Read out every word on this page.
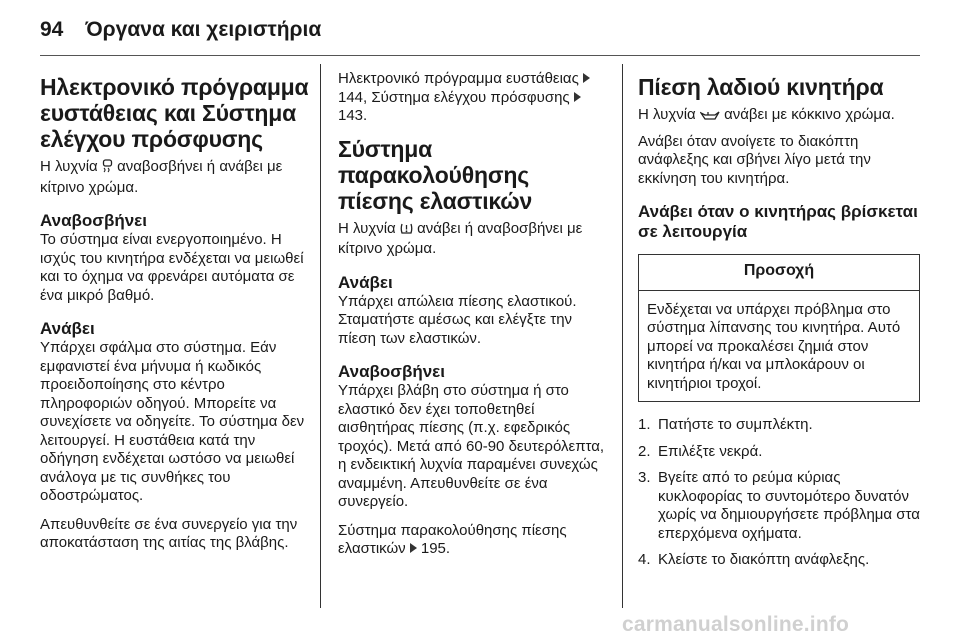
94 Όργανα και χειριστήρια
Ηλεκτρονικό πρόγραμμα ευστάθειας και Σύστημα ελέγχου πρόσφυσης

Η λυχνία αναβοσβήνει ή ανάβει με κίτρινο χρώμα.

Αναβοσβήνει

Το σύστημα είναι ενεργοποιημένο. Η ισχύς του κινητήρα ενδέχεται να μειωθεί και το όχημα να φρενάρει αυτόματα σε ένα μικρό βαθμό.

Ανάβει

Υπάρχει σφάλμα στο σύστημα. Εάν εμφανιστεί ένα μήνυμα ή κωδικός προειδοποίησης στο κέντρο πληροφοριών οδηγού. Μπορείτε να συνεχίσετε να οδηγείτε. Το σύστημα δεν λειτουργεί. Η ευστάθεια κατά την οδήγηση ενδέχεται ωστόσο να μειωθεί ανάλογα με τις συνθήκες του οδοστρώματος.

Απευθυνθείτε σε ένα συνεργείο για την αποκατάσταση της αιτίας της βλάβης.

Ηλεκτρονικό πρόγραμμα ευστάθειας 144, Σύστημα ελέγχου πρόσφυσης 143.

Σύστημα παρακολούθησης πίεσης ελαστικών

Η λυχνία ανάβει ή αναβοσβήνει με κίτρινο χρώμα.

Ανάβει

Υπάρχει απώλεια πίεσης ελαστικού. Σταματήστε αμέσως και ελέγξτε την πίεση των ελαστικών.

Αναβοσβήνει

Υπάρχει βλάβη στο σύστημα ή στο ελαστικό δεν έχει τοποθετηθεί αισθητήρας πίεσης (π.χ. εφεδρικός τροχός). Μετά από 60-90 δευτερόλεπτα, η ενδεικτική λυχνία παραμένει συνεχώς αναμμένη. Απευθυνθείτε σε ένα συνεργείο.

Σύστημα παρακολούθησης πίεσης ελαστικών 195.

Πίεση λαδιού κινητήρα

Η λυχνία ανάβει με κόκκινο χρώμα.

Ανάβει όταν ανοίγετε το διακόπτη ανάφλεξης και σβήνει λίγο μετά την εκκίνηση του κινητήρα.

Ανάβει όταν ο κινητήρας βρίσκεται σε λειτουργία
Προσοχή
Ενδέχεται να υπάρχει πρόβλημα στο σύστημα λίπανσης του κινητήρα. Αυτό μπορεί να προκαλέσει ζημιά στον κινητήρα ή/και να μπλοκάρουν οι κινητήριοι τροχοί.
1. Πατήστε το συμπλέκτη.
2. Επιλέξτε νεκρά.
3. Βγείτε από το ρεύμα κύριας κυκλοφορίας το συντομότερο δυνατόν χωρίς να δημιουργήσετε πρόβλημα στα επερχόμενα οχήματα.
4. Κλείστε το διακόπτη ανάφλεξης.
carmanualsonline.info
